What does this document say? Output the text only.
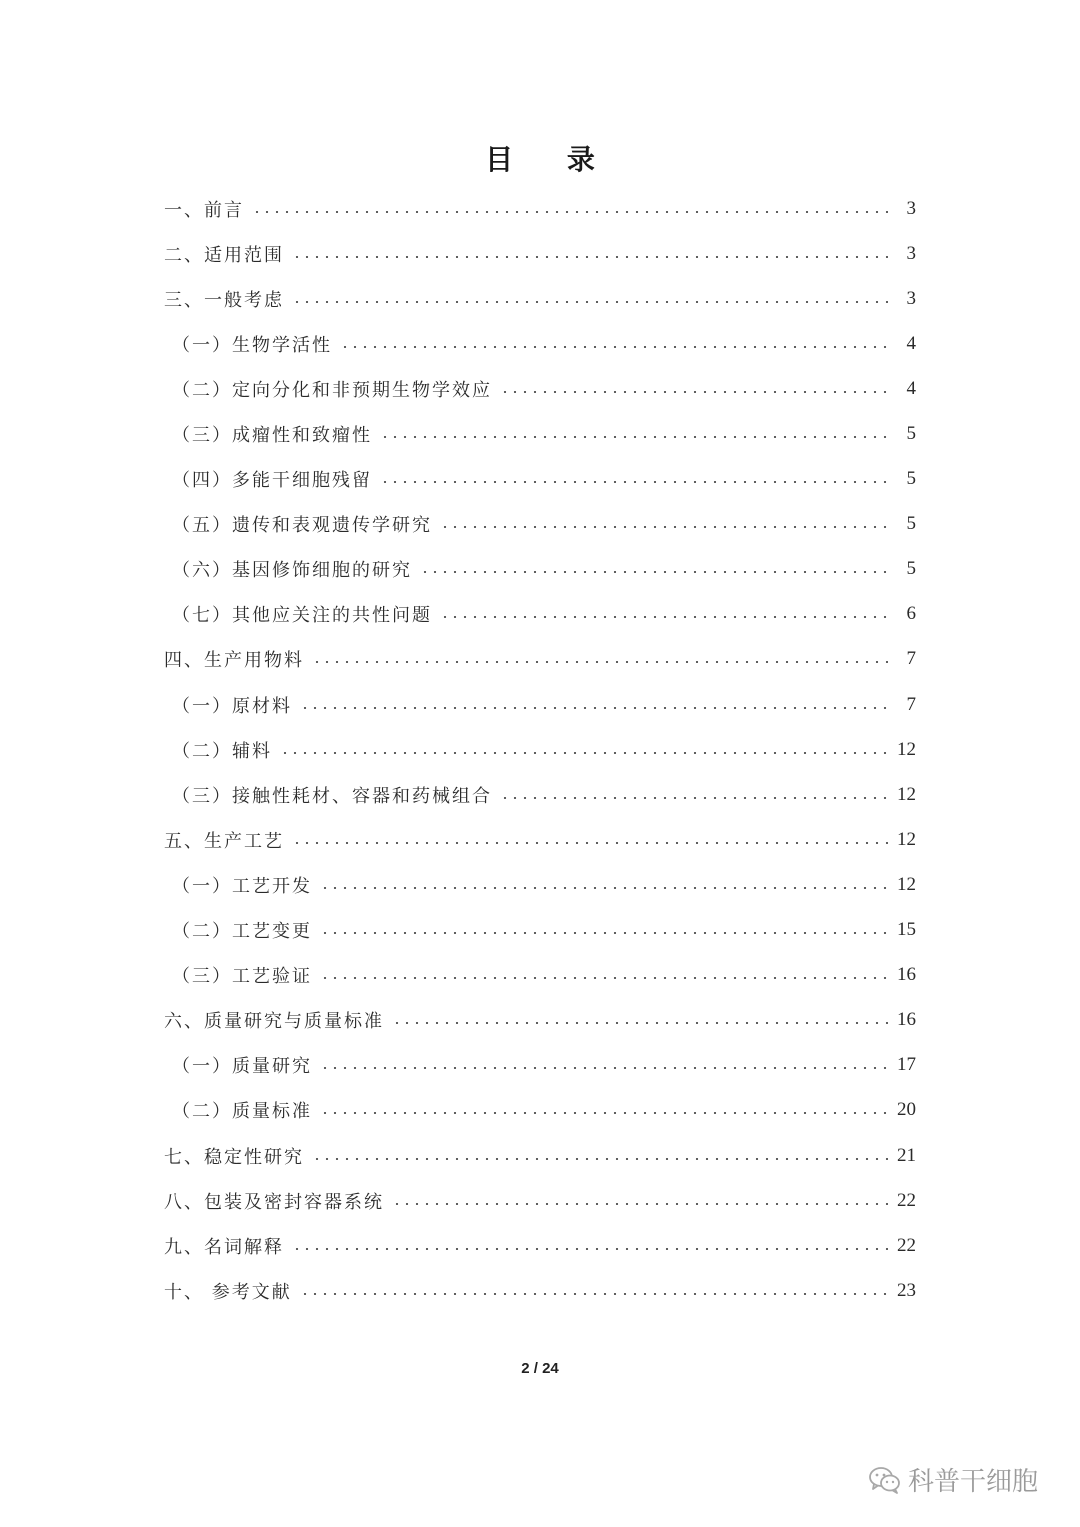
目 录
一、前言	3
二、适用范围	3
三、一般考虑	3
（一）生物学活性	4
（二）定向分化和非预期生物学效应	4
（三）成瘤性和致瘤性	5
（四）多能干细胞残留	5
（五）遗传和表观遗传学研究	5
（六）基因修饰细胞的研究	5
（七）其他应关注的共性问题	6
四、生产用物料	7
（一）原材料	7
（二）辅料	12
（三）接触性耗材、容器和药械组合	12
五、生产工艺	12
（一）工艺开发	12
（二）工艺变更	15
（三）工艺验证	16
六、质量研究与质量标准	16
（一）质量研究	17
（二）质量标准	20
七、稳定性研究	21
八、包装及密封容器系统	22
九、名词解释	22
十、 参考文献	23
2 / 24
科普干细胞
